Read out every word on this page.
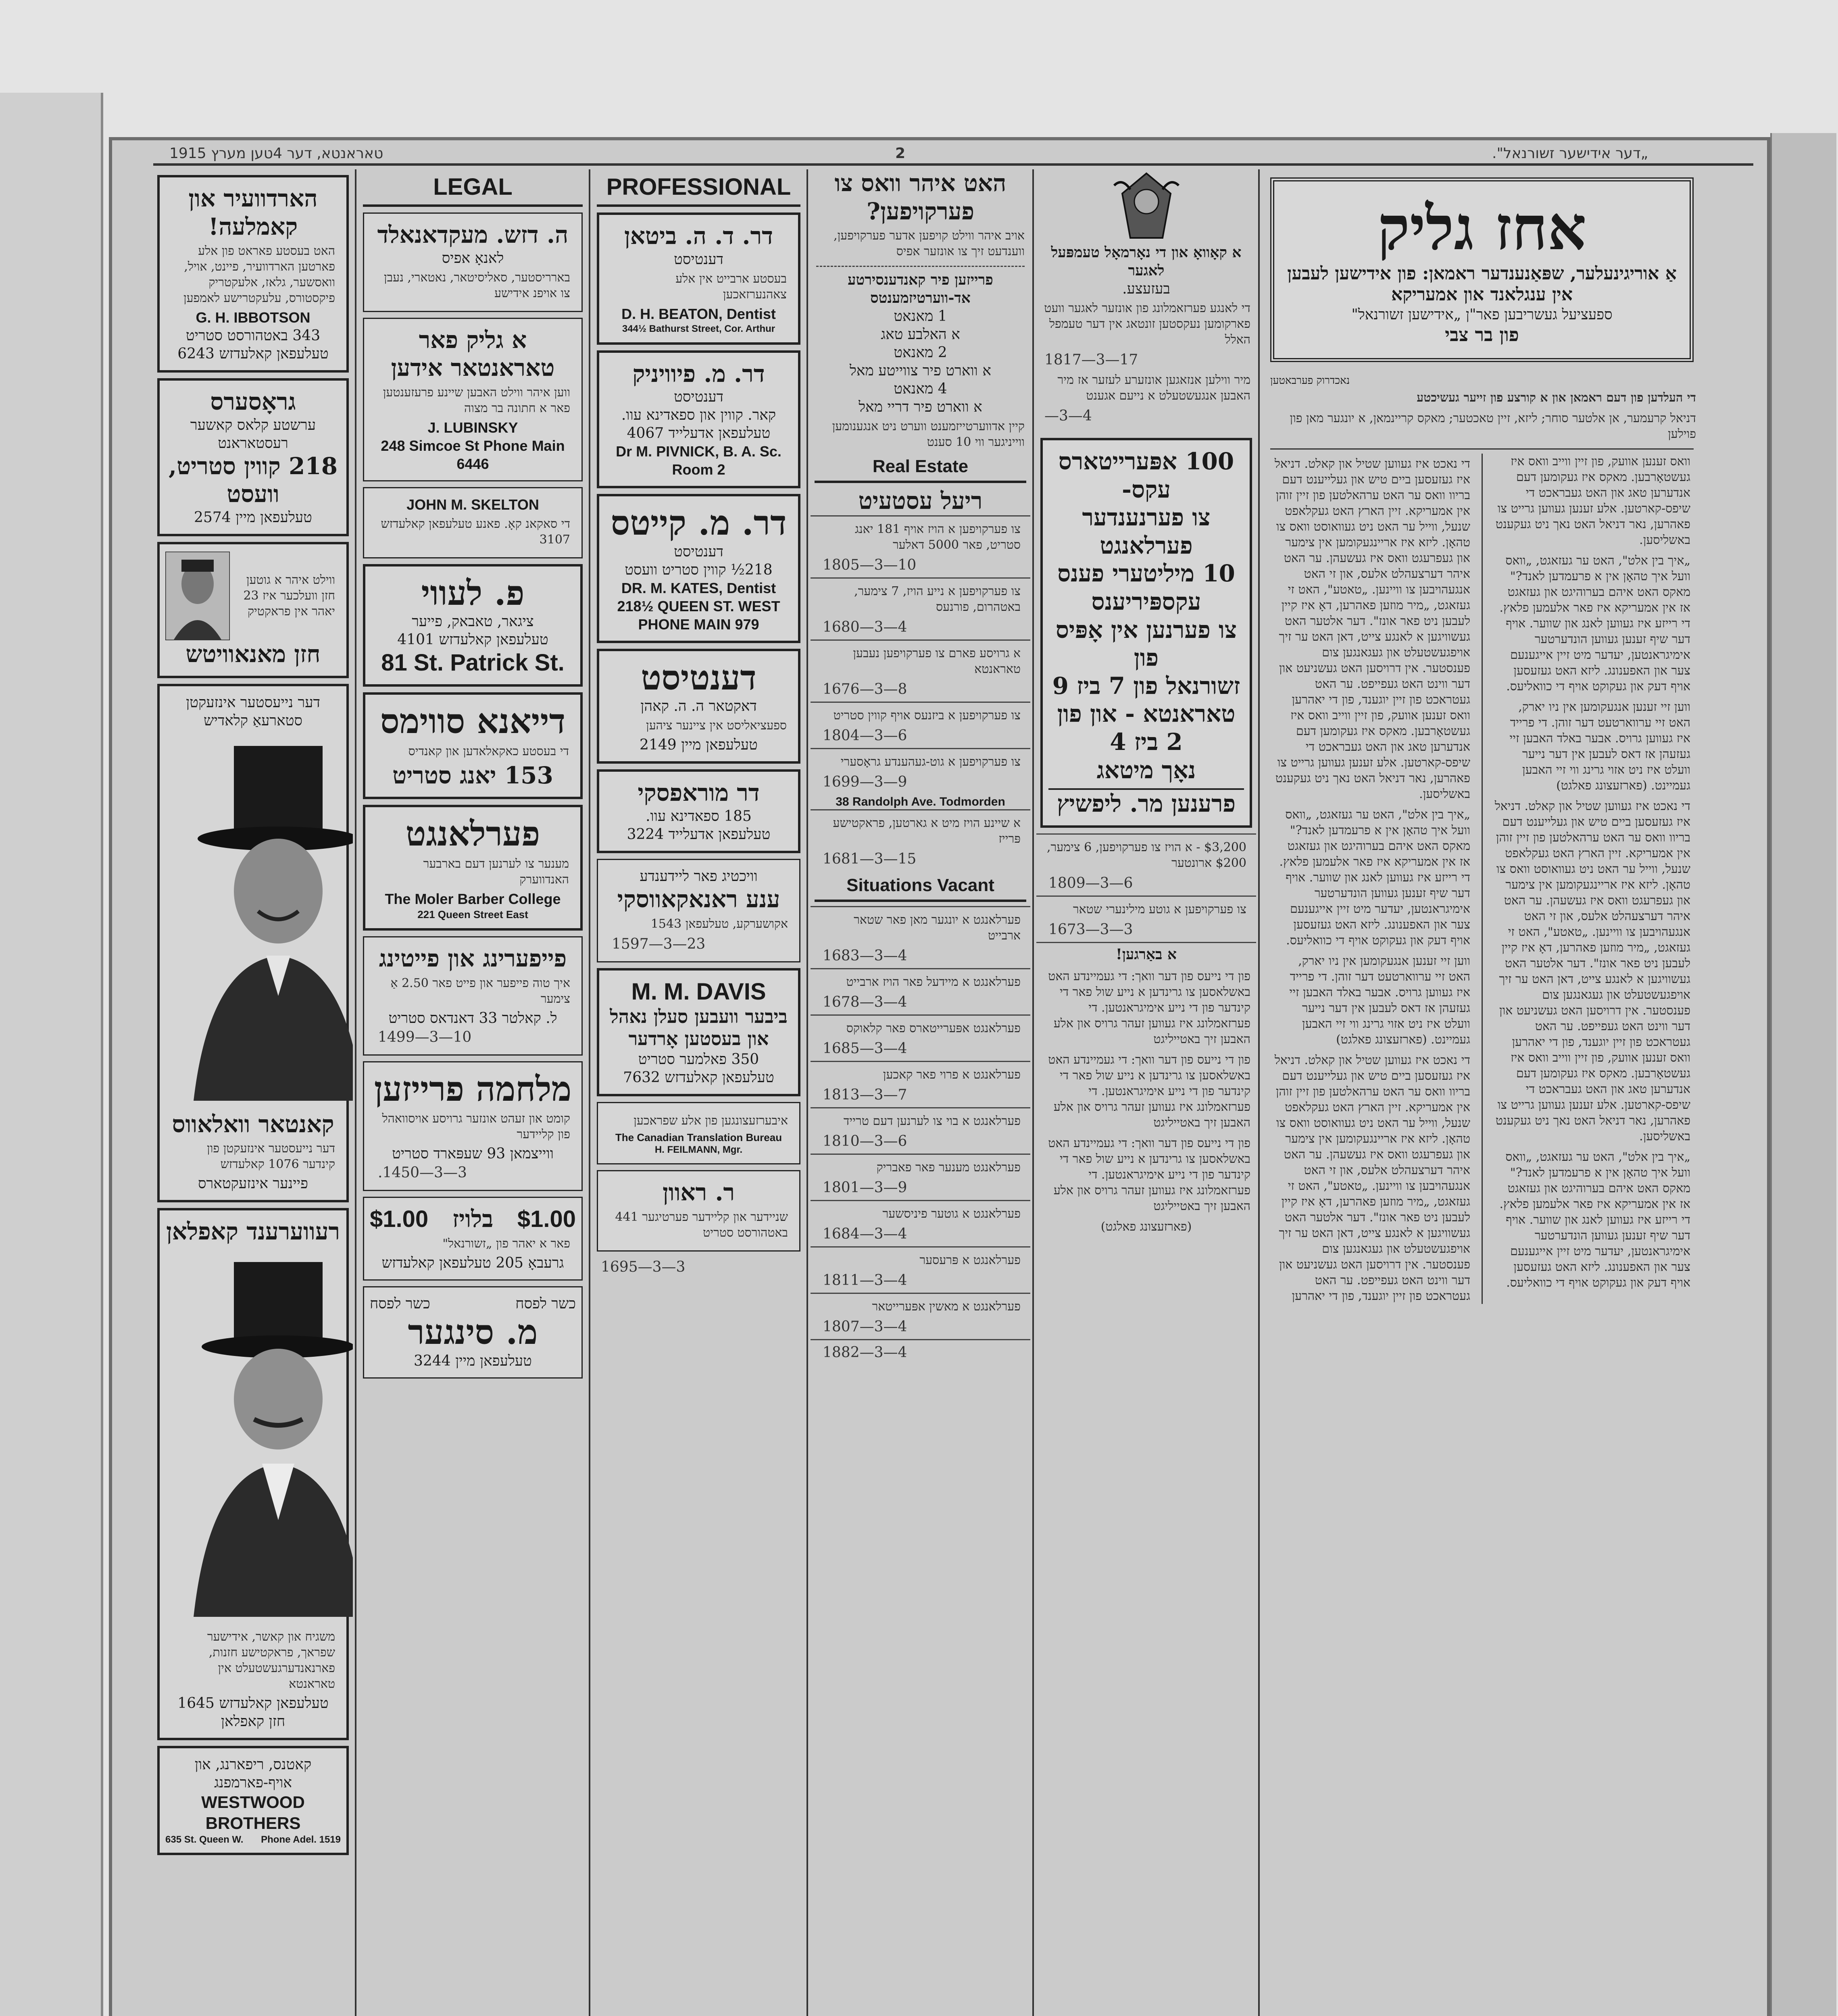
„דער אידישער זשורנאל".
2
טאראנטא, דער 4טען מערץ 1915
הארדוועיר און קאמלעה!
האט בעסטע פאראט פון אלע פארטען הארדוועיר, פיינט, אויל, וואסשער, גלאז, אלעקטריק פיקסטורס, עלעקטרישע לאמפען
G. H. IBBOTSON
343 באטהורסט סטריט
טעלעפאן קאלעדזש 6243
גראָסערס
ערשטע קלאס קאשער רעסטאראנט
218 קווין סטריט, וועסט
טעלעפאן מיין 2574
ווילט איהר א גוטען חזן וועלכער איז 23 יאהר אין פראקטיק
חזן מאנאוויטש
דער נייעסטער אינזעקטן
סטארעאַ קלאדיש
קאנטאר וואלאווס
דער נייעסטער אינזעקטן פון קינדער 1076 קאלעדזש
פיינער אינזעקטארס
רעווערענד קאפלאן
משגיח און קאשר, אידישער שפראך, פראקטישע חזנות, פארנאנדערגעשטעלט אין טאראנטא
טעלעפאן קאלעדזש 1645
חזן קאפלאן
קאטנס, ריפארנג, און אויף-פארמפנג
WESTWOOD BROTHERS
635 St. Queen W. Phone Adel. 1519
LEGAL
ה. דזש. מעקדאנאלד
לאנאָ אפיס
בארריסטער, סאליסיטאר, נאטארי, נעבן צו אויפנ אידישע
א גליק פאר טאראנטאר אידען
ווען איהר ווילט האבען שיינע פרעזענטען פאר א חתונה בר מצוה
J. LUBINSKY
248 Simcoe St Phone Main 6446
JOHN M. SKELTON
די סאקאנ קאָ. פאנע טעלעפאן קאלעדזש 3107
פ. לעווי
ציגאר, טאבאק, פייער
טעלעפאן קאלעדזש 4101
81 St. Patrick St.
דייאנא סווימס
די בעסטע כאקאלאדען און קאנדיס
153 יאנג סטריט
פערלאנגט
מענער צו לערנען דעם בארבער האנדווערק
The Moler Barber College
221 Queen Street East
פייפערינג און פייטינג
איך טוה פייפער און פייט פאר 2.50 אַ צימער
ל. קאלטר 33 דאנדאס סטריט
1499—3—10
מלחמה פרייזען
קומט און זעהט אונזער גרויסע אויסוואהל פון קליידער
ווייצמאן 93 שעפּארד סטריט
.1450—3—3
$1.00 בלויז $1.00
פאר א יאהר פון „זשורנאל"
גרעבאָ 205 טעלעפאן קאלעדזש
כשר לפסח
כשר לפסח
מ. סינגער
טעלעפאן מיין 3244
PROFESSIONAL
דר. ד. ה. ביטאן
דענטיסט
בעסטע ארבייט אין אלע צאהנערזאכען
D. H. BEATON, Dentist
344½ Bathurst Street, Cor. Arthur
דר. מ. פיוויניק
דענטיסט
קאר. קווין און ספאדינא עוו.
טעלעפאן אדעלייד 4067
Dr M. PIVNICK, B. A. Sc.
Room 2
דר. מ. קייטס
דענטיסט
218½ קווין סטריט וועסט
DR. M. KATES, Dentist
218½ QUEEN ST. WEST
PHONE MAIN 979
דענטיסט
דאקטאר ה. ה. קאהן
ספעציאליסט אין ציינער ציהען
טעלעפאן מיין 2149
דר מוראפסקי
185 ספאדינא עוו.
טעלעפאן אדעלייד 3224
וויכטיג פאר ליידענדע
ענע ראנאקאווסקי
אקושערקע, טעלעפאן 1543
1597—3—23
M. M. DAVIS
ביבער וועבען סעלן נאהל און בעסטען אָרדער
350 פאלמער סטריט
טעלעפאן קאלעדזש 7632
איבערזעצונגען פון אלע שפראכען
The Canadian Translation Bureau
H. FEILMANN, Mgr.
ר. ראוון
שניידער און קליידער פערטיגער 441 באטהורסט סטריט
1695—3—3
האט איהר וואס צו פערקויפען?
אויב איהר ווילט קויפען אדער פערקויפען, ווענדעט זיך צו אונזער אפיס
פרייזען פיר קאנדענסירטע אד-ווערטיזמענטס
1 מאנאט
א האלבע טאג
2 מאנאט
א ווארט פיר צווייטע מאל
4 מאנאט
א ווארט פיר דריי מאל
קיין אדווערטייזמענט ווערט ניט אנגענומען ווייניגער ווי 10 סענט
Real Estate
ריעל עסטעיט
צו פערקויפען א הויז אויף 181 יאנג סטריט, פאר 5000 דאלער
1805—3—10
צו פערקויפען א נייע הויז, 7 צימער, באטהרום, פורנעס
1680—3—4
א גרויסע פארם צו פערקויפען נעבען טאראנטא
1676—3—8
צו פערקויפען א ביזנעס אויף קווין סטריט
1804—3—6
צו פערקויפען א גוט-געהענדע גראָסערי
1699—3—9
38 Randolph Ave. Todmorden
א שיינע הויז מיט א גארטען, פראקטישע פּרייז
1681—3—15
Situations Vacant
פערלאנגט א יונגער מאן פאר שטאר ארבייט
1683—3—4
פערלאנגט א מיידעל פאר הויז ארבייט
1678—3—4
פערלאנגט אפּערייטארס פאר קלאוקס
1685—3—4
פערלאנגט א פרוי פאר קאכען
1813—3—7
פערלאנגט א בוי צו לערנען דעם טרייד
1810—3—6
פערלאנגט מענער פאר פאבריק
1801—3—9
פערלאנגט א גוטער פיניסשער
1684—3—4
פערלאנגט א פּרעסער
1811—3—4
פערלאנגט א מאשין אפּערייטאר
1807—3—4
1882—3—4
א קאָוואָ און די נאָרמאָל טעמפּעל לאגער
בעזעצע.
די לאנגע פערזאמלונג פון אונזער לאגער וועט פארקומען נעקסטען זונטאג אין דער טעמפל האלל
1817—3—17
מיר ווילען אנזאגען אונזערע לעזער אז מיר האבען אנגעשטעלט א נייעם אגענט
—3—4
100 אפּערייטארס עקס-
צו פערנענדער פערלאנגט
10 מיליטערי פענס
עקספּיריענס
צו פערנען אין אָפּיס פון
זשורנאל פון 7 ביז 9
טאראנטא - און פון 2 ביז 4
נאָך מיטאג
פרענען מר. ליפשיץ
$3,200 - א הויז צו פערקויפען, 6 צימער, $200 ארונטער
1809—3—6
צו פערקויפען א גוטע מילינערי שטאר
1673—3—3
א באַרגען!
פון די נייעס פון דער וואך: די געמיינדע האט באשלאסען צו גרינדען א נייע שול פאר די קינדער פון די נייע אימיגראנטען. די פערזאמלונג איז געווען זעהר גרויס און אלע האבען זיך באטייליגט
פון די נייעס פון דער וואך: די געמיינדע האט באשלאסען צו גרינדען א נייע שול פאר די קינדער פון די נייע אימיגראנטען. די פערזאמלונג איז געווען זעהר גרויס און אלע האבען זיך באטייליגט
פון די נייעס פון דער וואך: די געמיינדע האט באשלאסען צו גרינדען א נייע שול פאר די קינדער פון די נייע אימיגראנטען. די פערזאמלונג איז געווען זעהר גרויס און אלע האבען זיך באטייליגט
(פארזעצונג פאלגט)
אחז גליק
אַ אוריגינעלער, שפּאַנענדער ראמאן: פון אידישען לעבען אין ענגלאנד און אמעריקא
ספעציעל געשריבען פאר"ן „אידישען זשורנאל"
פון בר צבי
נאכדרוק פערבאטען
די העלדען פון דעם ראמאן און א קורצע פון זייער געשיכטע
דניאל קרעמער, אן אלטער סוחר; ליזא, זיין טאכטער; מאקס קריינמאן, א יונגער מאן פון פוילען
די נאכט איז געווען שטיל און קאלט. דניאל איז געזעסען ביים טיש און געלייענט דעם בריוו וואס ער האט ערהאלטען פון זיין זוהן אין אמעריקא. זיין הארץ האט געקלאפט שנעל, ווייל ער האט ניט געוואוסט וואס צו טהאָן. ליזא איז אריינגעקומען אין צימער און געפרעגט וואס איז געשעהן. ער האט איהר דערצעהלט אלעס, און זי האט אנגעהויבען צו וויינען. „טאטע", האט זי געזאגט, „מיר מוזען פאהרען, דאָ איז קיין לעבען ניט פאר אונז". דער אלטער האט געשוויגען א לאנגע צייט, דאן האט ער זיך אויפגעשטעלט און געגאנגען צום פענסטער. אין דרויסען האט געשניעט און דער ווינט האט געפייפט. ער האט געטראכט פון זיין יוגענד, פון די יאהרען וואס זענען אוועק, פון זיין ווייב וואס איז געשטאָרבען. מאקס איז געקומען דעם אנדערען טאג און האט געבראכט די שיפס-קארטען. אלע זענען געווען גרייט צו פאהרען, נאר דניאל האט נאך ניט געקענט באשליסען.
„איך בין אלט", האט ער געזאגט, „וואס וועל איך טהאָן אין א פרעמדען לאנד?" מאקס האט איהם בערוהיגט און געזאגט אז אין אמעריקא איז פאר אלעמען פלאץ. די רייזע איז געווען לאנג און שווער. אויף דער שיף זענען געווען הונדערטער אימיגראנטען, יעדער מיט זיין אייגענעם צער און האפענונג. ליזא האט געזעסען אויף דעק און געקוקט אויף די כוואליעס.
ווען זיי זענען אנגעקומען אין ניו יארק, האט זיי ערווארטעט דער זוהן. די פרייד איז געווען גרויס. אבער באלד האבען זיי געזעהן אז דאס לעבען אין דער נייער וועלט איז ניט אזוי גרינג ווי זיי האבען געמיינט. (פארזעצונג פאלגט)
די נאכט איז געווען שטיל און קאלט. דניאל איז געזעסען ביים טיש און געלייענט דעם בריוו וואס ער האט ערהאלטען פון זיין זוהן אין אמעריקא. זיין הארץ האט געקלאפט שנעל, ווייל ער האט ניט געוואוסט וואס צו טהאָן. ליזא איז אריינגעקומען אין צימער און געפרעגט וואס איז געשעהן. ער האט איהר דערצעהלט אלעס, און זי האט אנגעהויבען צו וויינען. „טאטע", האט זי געזאגט, „מיר מוזען פאהרען, דאָ איז קיין לעבען ניט פאר אונז". דער אלטער האט געשוויגען א לאנגע צייט, דאן האט ער זיך אויפגעשטעלט און געגאנגען צום פענסטער. אין דרויסען האט געשניעט און דער ווינט האט געפייפט. ער האט געטראכט פון זיין יוגענד, פון די יאהרען וואס זענען אוועק, פון זיין ווייב וואס איז געשטאָרבען. מאקס איז געקומען דעם אנדערען טאג און האט געבראכט די שיפס-קארטען. אלע זענען געווען גרייט צו פאהרען, נאר דניאל האט נאך ניט געקענט באשליסען.
„איך בין אלט", האט ער געזאגט, „וואס וועל איך טהאָן אין א פרעמדען לאנד?" מאקס האט איהם בערוהיגט און געזאגט אז אין אמעריקא איז פאר אלעמען פלאץ. די רייזע איז געווען לאנג און שווער. אויף דער שיף זענען געווען הונדערטער אימיגראנטען, יעדער מיט זיין אייגענעם צער און האפענונג. ליזא האט געזעסען אויף דעק און געקוקט אויף די כוואליעס.
ווען זיי זענען אנגעקומען אין ניו יארק, האט זיי ערווארטעט דער זוהן. די פרייד איז געווען גרויס. אבער באלד האבען זיי געזעהן אז דאס לעבען אין דער נייער וועלט איז ניט אזוי גרינג ווי זיי האבען געמיינט. (פארזעצונג פאלגט)
די נאכט איז געווען שטיל און קאלט. דניאל איז געזעסען ביים טיש און געלייענט דעם בריוו וואס ער האט ערהאלטען פון זיין זוהן אין אמעריקא. זיין הארץ האט געקלאפט שנעל, ווייל ער האט ניט געוואוסט וואס צו טהאָן. ליזא איז אריינגעקומען אין צימער און געפרעגט וואס איז געשעהן. ער האט איהר דערצעהלט אלעס, און זי האט אנגעהויבען צו וויינען. „טאטע", האט זי געזאגט, „מיר מוזען פאהרען, דאָ איז קיין לעבען ניט פאר אונז". דער אלטער האט געשוויגען א לאנגע צייט, דאן האט ער זיך אויפגעשטעלט און געגאנגען צום פענסטער. אין דרויסען האט געשניעט און דער ווינט האט געפייפט. ער האט געטראכט פון זיין יוגענד, פון די יאהרען וואס זענען אוועק, פון זיין ווייב וואס איז געשטאָרבען. מאקס איז געקומען דעם אנדערען טאג און האט געבראכט די שיפס-קארטען. אלע זענען געווען גרייט צו פאהרען, נאר דניאל האט נאך ניט געקענט באשליסען.
„איך בין אלט", האט ער געזאגט, „וואס וועל איך טהאָן אין א פרעמדען לאנד?" מאקס האט איהם בערוהיגט און געזאגט אז אין אמעריקא איז פאר אלעמען פלאץ. די רייזע איז געווען לאנג און שווער. אויף דער שיף זענען געווען הונדערטער אימיגראנטען, יעדער מיט זיין אייגענעם צער און האפענונג. ליזא האט געזעסען אויף דעק און געקוקט אויף די כוואליעס.
